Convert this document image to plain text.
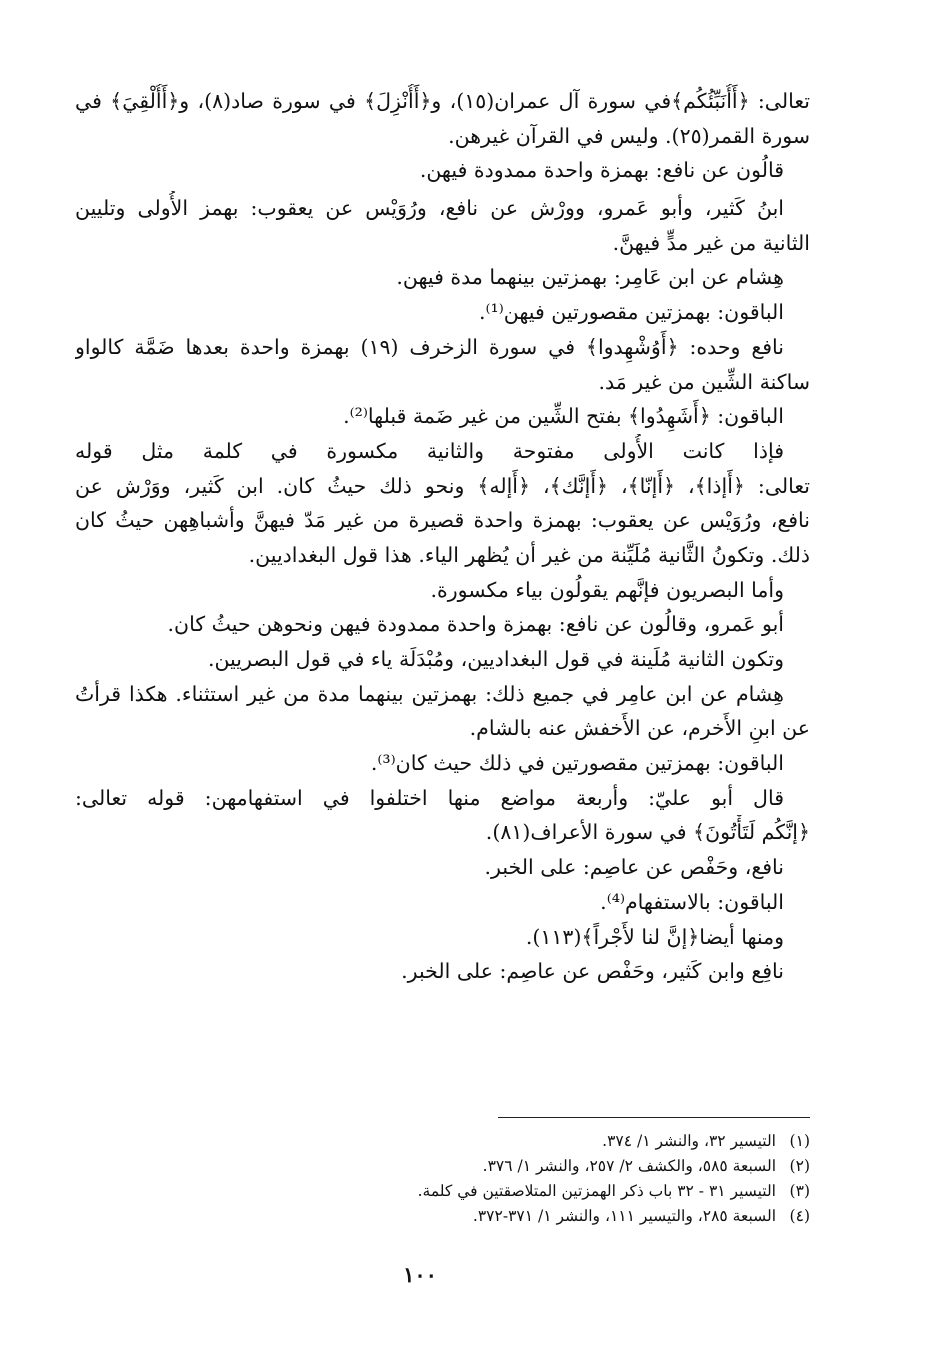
تعالى: ﴿أَأُنَبِّئُكُم﴾في سورة آل عمران(١٥)، و﴿أَأُنْزِلَ﴾ في سورة صاد(٨)، و﴿أَأُلْقِيَ﴾ في
سورة القمر(٢٥). وليس في القرآن غيرهن.
قالُون عن نافع: بهمزة واحدة ممدودة فيهن.
ابنُ كَثير، وأبو عَمرو، وورْش عن نافع، ورُوَيْس عن يعقوب: بهمز الأُولى وتليين
الثانية من غير مدٍّ فيهنَّ.
هِشام عن ابن عَامِر: بهمزتين بينهما مدة فيهن.
الباقون: بهمزتين مقصورتين فيهن⁽¹⁾.
نافع وحده: ﴿أَوُشْهِدوا﴾ في سورة الزخرف (١٩) بهمزة واحدة بعدها ضَمَّة كالواو
ساكنة الشِّين من غير مَد.
الباقون: ﴿أَشَهِدُوا﴾ بفتح الشِّين من غير ضَمة قبلها⁽²⁾.
فإذا كانت الأُولى مفتوحة والثانية مكسورة في كلمة مثل قوله
تعالى: ﴿أَإذا﴾، ﴿أَإنّا﴾، ﴿أَإنَّك﴾، ﴿أَإله﴾ ونحو ذلك حيثُ كان. ابن كَثير، ووَرْش عن
نافع، ورُوَيْس عن يعقوب: بهمزة واحدة قصيرة من غير مَدّ فيهنَّ وأشباهِهن حيثُ كان
ذلك. وتكونُ الثَّانية مُلَيِّنة من غير أن يُظهر الياء. هذا قول البغداديين.
وأما البصريون فإنَّهم يقولُون بياء مكسورة.
أبو عَمرو، وقالُون عن نافع: بهمزة واحدة ممدودة فيهن ونحوهن حيثُ كان.
وتكون الثانية مُلَينة في قول البغداديين، ومُبْدَلَة ياء في قول البصريين.
هِشام عن ابن عامِر في جميع ذلك: بهمزتين بينهما مدة من غير استثناء. هكذا قرأتُ
عن ابنِ الأَخرم، عن الأَخفش عنه بالشام.
الباقون: بهمزتين مقصورتين في ذلك حيث كان⁽³⁾.
قال أبو عليّ: وأربعة مواضع منها اختلفوا في استفهامهن: قوله تعالى:
﴿إنَّكُم لَتَأْتُونَ﴾ في سورة الأعراف(٨١).
نافع، وحَفْص عن عاصِم: على الخبر.
الباقون: بالاستفهام⁽⁴⁾.
ومنها أيضا﴿إنَّ لنا لأَجْراً﴾(١١٣).
نافِع وابن كَثير، وحَفْص عن عاصِم: على الخبر.
(١)التيسير ٣٢، والنشر ١/ ٣٧٤.
(٢)السبعة ٥٨٥، والكشف ٢/ ٢٥٧، والنشر ١/ ٣٧٦.
(٣)التيسير ٣١ - ٣٢ باب ذكر الهمزتين المتلاصقتين في كلمة.
(٤)السبعة ٢٨٥، والتيسير ١١١، والنشر ١/ ٣٧١-٣٧٢.
١٠٠
